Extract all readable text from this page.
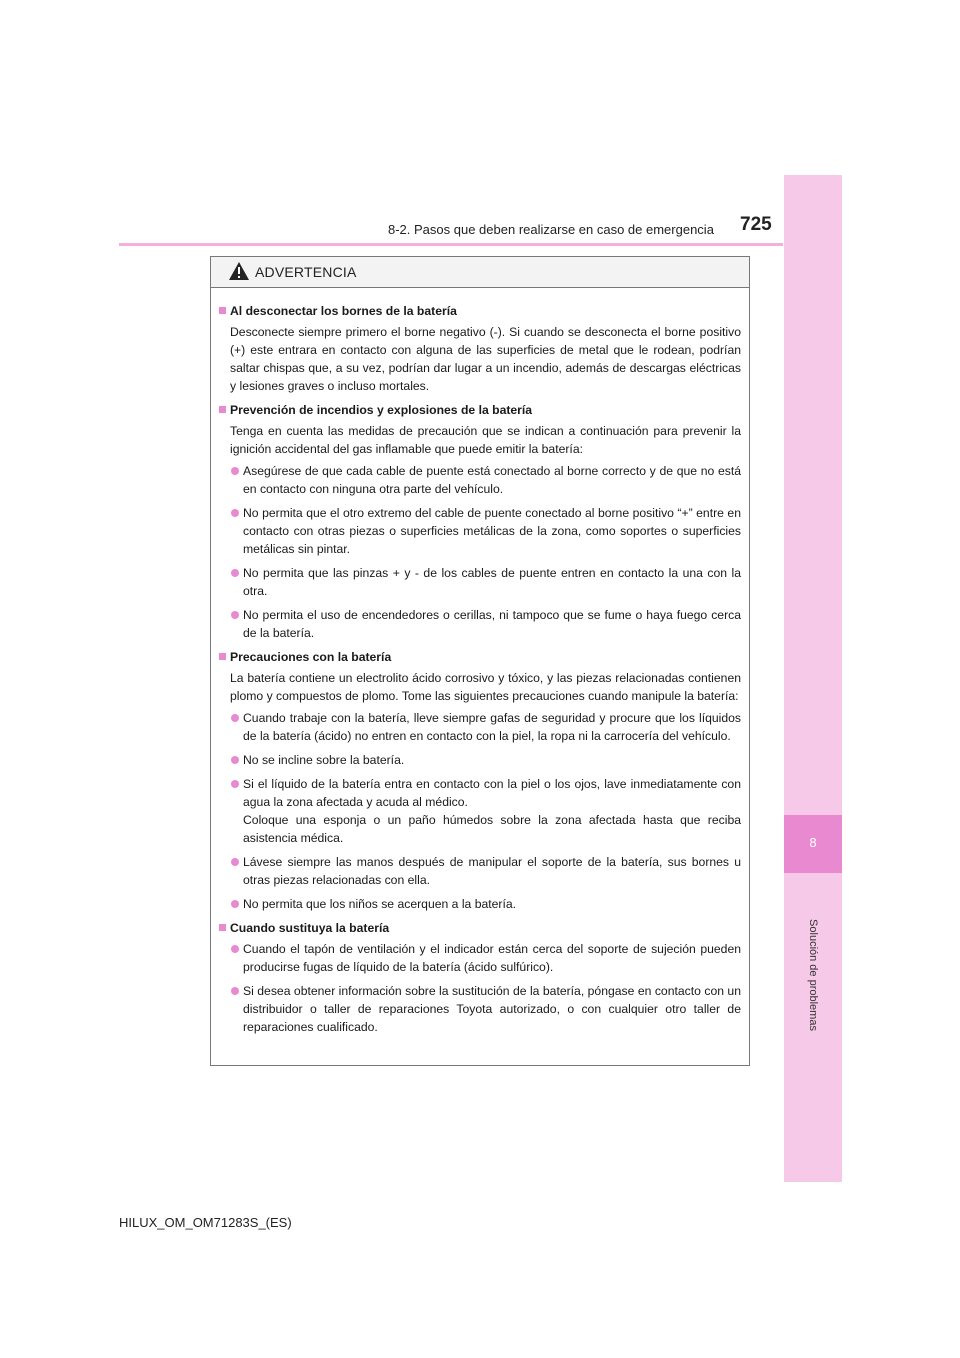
8
Solución de problemas
8-2. Pasos que deben realizarse en caso de emergencia 725
ADVERTENCIA
Al desconectar los bornes de la batería
Desconecte siempre primero el borne negativo (-). Si cuando se desconecta el borne positivo (+) este entrara en contacto con alguna de las superficies de metal que le rodean, podrían saltar chispas que, a su vez, podrían dar lugar a un incendio, además de descargas eléctricas y lesiones graves o incluso mortales.
Prevención de incendios y explosiones de la batería
Tenga en cuenta las medidas de precaución que se indican a continuación para prevenir la ignición accidental del gas inflamable que puede emitir la batería:
Asegúrese de que cada cable de puente está conectado al borne correcto y de que no está en contacto con ninguna otra parte del vehículo.
No permita que el otro extremo del cable de puente conectado al borne positivo “+” entre en contacto con otras piezas o superficies metálicas de la zona, como soportes o superficies metálicas sin pintar.
No permita que las pinzas + y - de los cables de puente entren en contacto la una con la otra.
No permita el uso de encendedores o cerillas, ni tampoco que se fume o haya fuego cerca de la batería.
Precauciones con la batería
La batería contiene un electrolito ácido corrosivo y tóxico, y las piezas relacionadas contienen plomo y compuestos de plomo. Tome las siguientes precauciones cuando manipule la batería:
Cuando trabaje con la batería, lleve siempre gafas de seguridad y procure que los líquidos de la batería (ácido) no entren en contacto con la piel, la ropa ni la carrocería del vehículo.
No se incline sobre la batería.
Si el líquido de la batería entra en contacto con la piel o los ojos, lave inmediatamente con agua la zona afectada y acuda al médico.
Coloque una esponja o un paño húmedos sobre la zona afectada hasta que reciba asistencia médica.
Lávese siempre las manos después de manipular el soporte de la batería, sus bornes u otras piezas relacionadas con ella.
No permita que los niños se acerquen a la batería.
Cuando sustituya la batería
Cuando el tapón de ventilación y el indicador están cerca del soporte de sujeción pueden producirse fugas de líquido de la batería (ácido sulfúrico).
Si desea obtener información sobre la sustitución de la batería, póngase en contacto con un distribuidor o taller de reparaciones Toyota autorizado, o con cualquier otro taller de reparaciones cualificado.
HILUX_OM_OM71283S_(ES)
